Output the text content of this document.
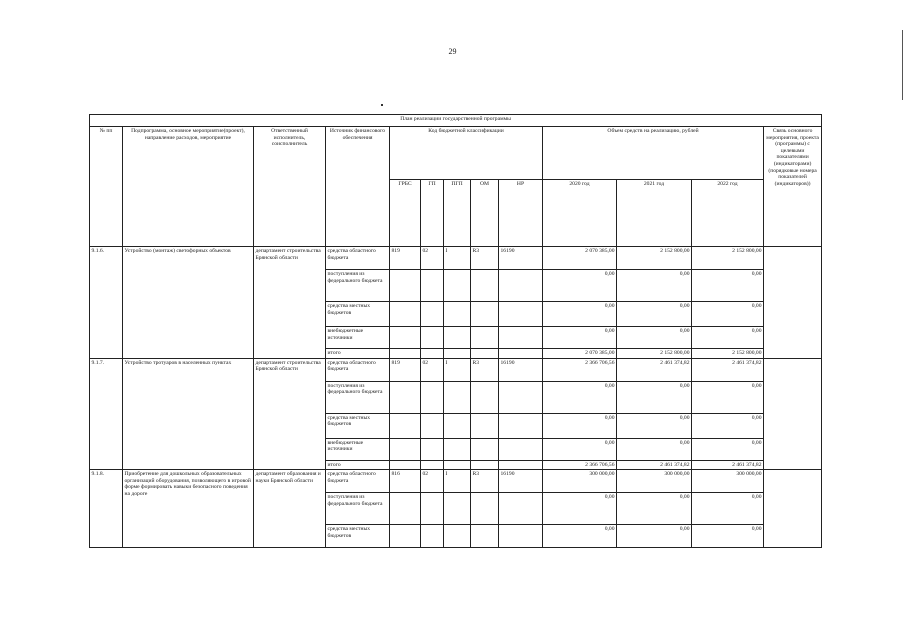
29
План реализации государственной программы												
№ пп	Подпрограмма, основное мероприятие(проект), направление расходов, мероприятие	Ответственный исполнитель, соисполнитель	Источник финансового обеспечения	Код бюджетной классификации					Объем средств на реализацию, рублей			Связь основного мероприятия, проекта (программы) с целевыми показателями (индикаторами) (порядковые номера показателей (индикаторов))
				ГРБС	ГП	ПГП	ОМ	НР	2020 год	2021 год	2022 год	
9.1.6.	Устройство (монтаж) светофорных объектов	департамент строительства Брянской области	средства областного бюджета	819	02	I	R3	16190	2 070 385,00	2 152 800,00	2 152 800,00	
			поступления из федерального бюджета						0,00	0,00	0,00	
			средства местных бюджетов						0,00	0,00	0,00	
			внебюджетные источники						0,00	0,00	0,00	
			итого						2 070 385,00	2 152 800,00	2 152 800,00	
9.1.7.	Устройство тротуаров в населенных пунктах	департамент строительства Брянской области	средства областного бюджета	819	02	I	R3	16190	2 366 706,56	2 461 374,82	2 461 374,82	
			поступления из федерального бюджета						0,00	0,00	0,00	
			средства местных бюджетов						0,00	0,00	0,00	
			внебюджетные источники						0,00	0,00	0,00	
			итого						2 366 706,56	2 461 374,82	2 461 374,82	
9.1.8.	Приобретение для дошкольных образовательных организаций оборудования, позволяющего в игровой форме формировать навыки безопасного поведения на дороге	департамент образования и науки Брянской области	средства областного бюджета	816	02	I	R3	16190	300 000,00	300 000,00	300 000,00	
			поступления из федерального бюджета						0,00	0,00	0,00	
			средства местных бюджетов						0,00	0,00	0,00	
